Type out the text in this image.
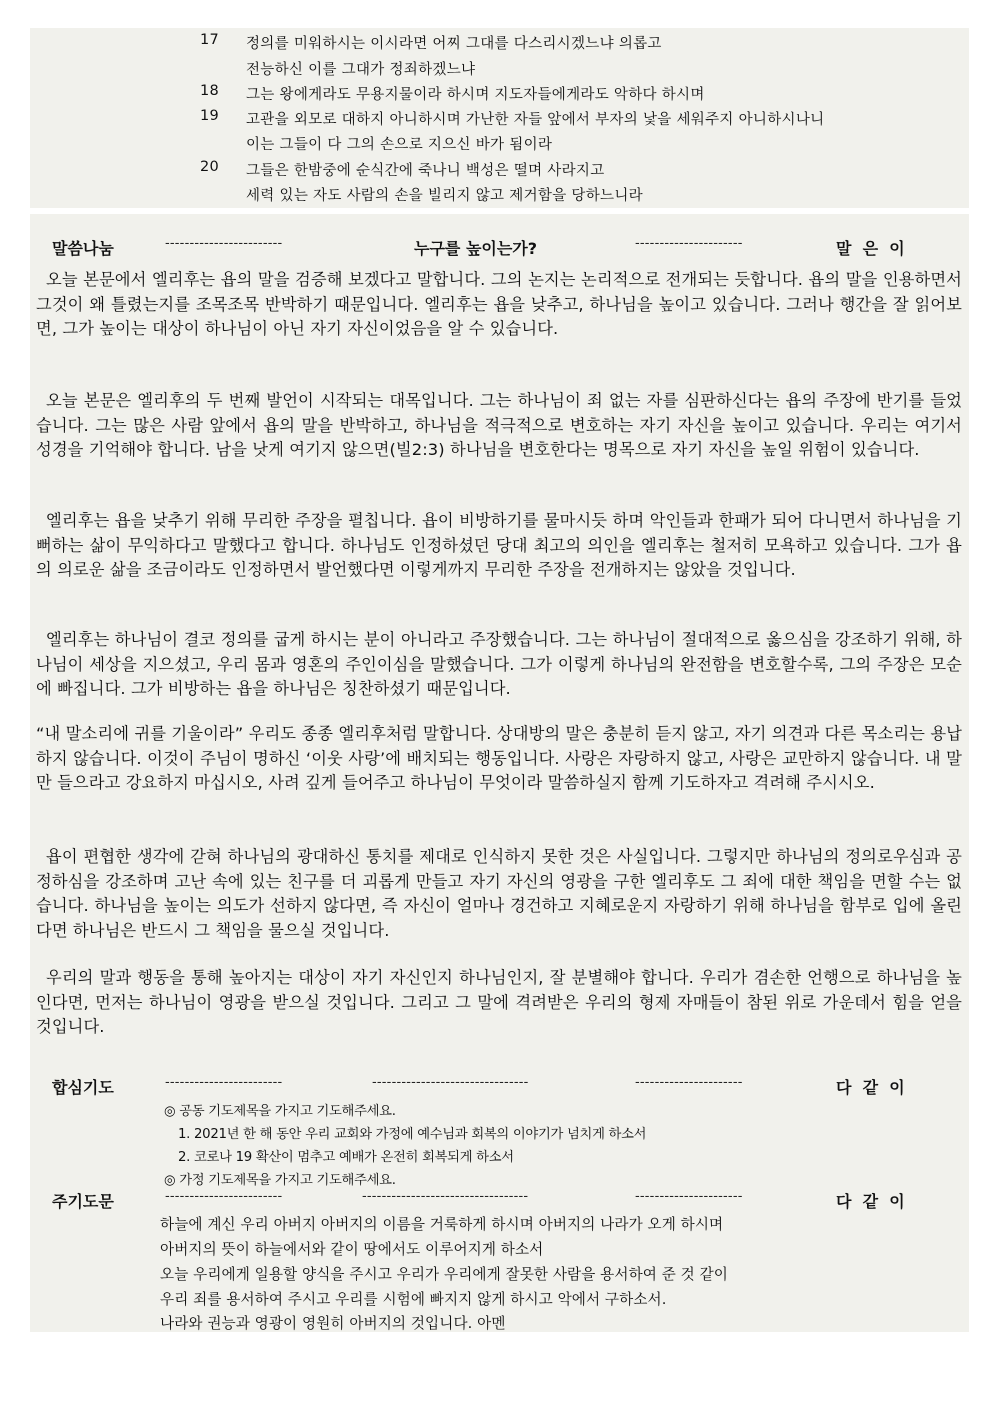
17 정의를 미워하시는 이시라면 어찌 그대를 다스리시겠느냐 의롭고
전능하신 이를 그대가 정죄하겠느냐
18 그는 왕에게라도 무용지물이라 하시며 지도자들에게라도 악하다 하시며
19 고관을 외모로 대하지 아니하시며 가난한 자들 앞에서 부자의 낯을 세워주지 아니하시나니
이는 그들이 다 그의 손으로 지으신 바가 됨이라
20 그들은 한밤중에 순식간에 죽나니 백성은 떨며 사라지고
세력 있는 자도 사람의 손을 빌리지 않고 제거함을 당하느니라
말씀나눔	------------------------	누구를 높이는가?	----------------------	말  은  이

오늘 본문에서 엘리후는 욥의 말을 검증해 보겠다고 말합니다. 그의 논지는 논리적으로 전개되는 듯합니다. 욥의 말을 인용하면서 그것이 왜 틀렸는지를 조목조목 반박하기 때문입니다. 엘리후는 욥을 낮추고, 하나님을 높이고 있습니다. 그러나 행간을 잘 읽어보면, 그가 높이는 대상이 하나님이 아닌 자기 자신이었음을 알 수 있습니다.

오늘 본문은 엘리후의 두 번째 발언이 시작되는 대목입니다. 그는 하나님이 죄 없는 자를 심판하신다는 욥의 주장에 반기를 들었습니다. 그는 많은 사람 앞에서 욥의 말을 반박하고, 하나님을 적극적으로 변호하는 자기 자신을 높이고 있습니다. 우리는 여기서 성경을 기억해야 합니다. 남을 낫게 여기지 않으면(빌2:3) 하나님을 변호한다는 명목으로 자기 자신을 높일 위험이 있습니다.

엘리후는 욥을 낮추기 위해 무리한 주장을 펼칩니다. 욥이 비방하기를 물마시듯 하며 악인들과 한패가 되어 다니면서 하나님을 기뻐하는 삶이 무익하다고 말했다고 합니다. 하나님도 인정하셨던 당대 최고의 의인을 엘리후는 철저히 모욕하고 있습니다. 그가 욥의 의로운 삶을 조금이라도 인정하면서 발언했다면 이렇게까지 무리한 주장을 전개하지는 않았을 것입니다.

엘리후는 하나님이 결코 정의를 굽게 하시는 분이 아니라고 주장했습니다. 그는 하나님이 절대적으로 옳으심을 강조하기 위해, 하나님이 세상을 지으셨고, 우리 몸과 영혼의 주인이심을 말했습니다. 그가 이렇게 하나님의 완전함을 변호할수록, 그의 주장은 모순에 빠집니다. 그가 비방하는 욥을 하나님은 칭찬하셨기 때문입니다.

“내 말소리에 귀를 기울이라” 우리도 종종 엘리후처럼 말합니다. 상대방의 말은 충분히 듣지 않고, 자기 의견과 다른 목소리는 용납하지 않습니다. 이것이 주님이 명하신 ‘이웃 사랑’에 배치되는 행동입니다. 사랑은 자랑하지 않고, 사랑은 교만하지 않습니다. 내 말만 들으라고 강요하지 마십시오, 사려 깊게 들어주고 하나님이 무엇이라 말씀하실지 함께 기도하자고 격려해 주시시오.

욥이 편협한 생각에 갇혀 하나님의 광대하신 통치를 제대로 인식하지 못한 것은 사실입니다. 그렇지만 하나님의 정의로우심과 공정하심을 강조하며 고난 속에 있는 친구를 더 괴롭게 만들고 자기 자신의 영광을 구한 엘리후도 그 죄에 대한 책임을 면할 수는 없습니다. 하나님을 높이는 의도가 선하지 않다면, 즉 자신이 얼마나 경건하고 지혜로운지 자랑하기 위해 하나님을 함부로 입에 올린다면 하나님은 반드시 그 책임을 물으실 것입니다.

우리의 말과 행동을 통해 높아지는 대상이 자기 자신인지 하나님인지, 잘 분별해야 합니다. 우리가 겸손한 언행으로 하나님을 높인다면, 먼저는 하나님이 영광을 받으실 것입니다. 그리고 그 말에 격려받은 우리의 형제 자매들이 참된 위로 가운데서 힘을 얻을 것입니다.

합심기도	------------------------	--------------------------------	----------------------	다  같  이
◎ 공동 기도제목을 가지고 기도해주세요.
1. 2021년 한 해 동안 우리 교회와 가정에 예수님과 회복의 이야기가 넘치게 하소서
2. 코로나 19 확산이 멈추고 예배가 온전히 회복되게 하소서
◎ 가정 기도제목을 가지고 기도해주세요.
주기도문	------------------------	----------------------------------	----------------------	다  같  이
하늘에 계신 우리 아버지 아버지의 이름을 거룩하게 하시며 아버지의 나라가 오게 하시며
아버지의 뜻이 하늘에서와 같이 땅에서도 이루어지게 하소서
오늘 우리에게 일용할 양식을 주시고 우리가 우리에게 잘못한 사람을 용서하여 준 것 같이
우리 죄를 용서하여 주시고 우리를 시험에 빠지지 않게 하시고 악에서 구하소서.
나라와 권능과 영광이 영원히 아버지의 것입니다. 아멘
